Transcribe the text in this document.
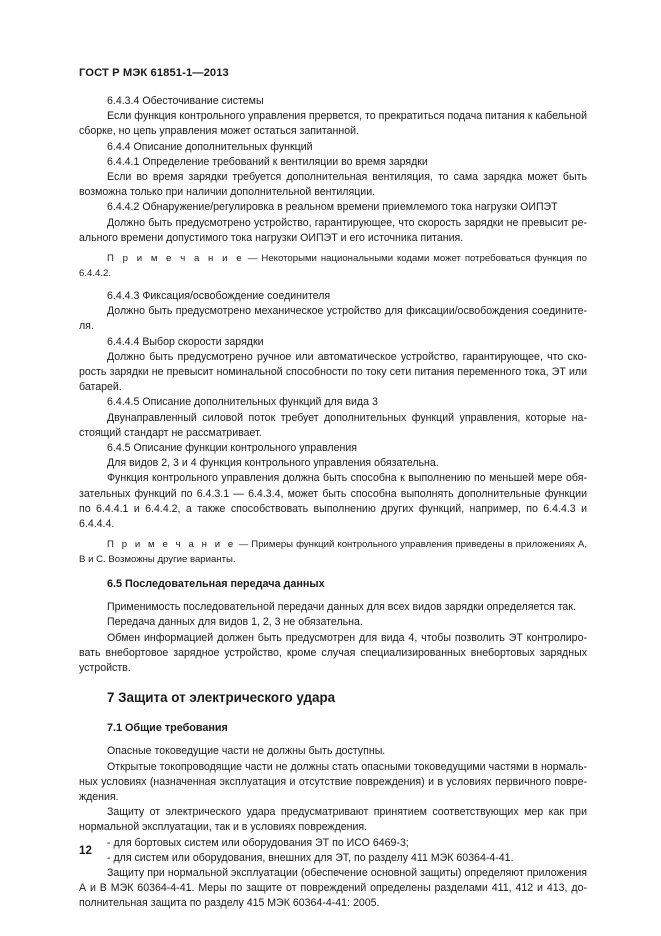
ГОСТ Р МЭК 61851-1—2013

6.4.3.4 Обесточивание системы

Если функция контрольного управления прервется, то прекратиться подача питания к кабельной сборке, но цепь управления может остаться запитанной.

6.4.4 Описание дополнительных функций

6.4.4.1 Определение требований к вентиляции во время зарядки

Если во время зарядки требуется дополнительная вентиляция, то сама зарядка может быть возможна только при наличии дополнительной вентиляции.

6.4.4.2 Обнаружение/регулировка в реальном времени приемлемого тока нагрузки ОИПЭТ

Должно быть предусмотрено устройство, гарантирующее, что скорость зарядки не превысит реального времени допустимого тока нагрузки ОИПЭТ и его источника питания.

П р и м е ч а н и е — Некоторыми национальными кодами может потребоваться функция по 6.4.4.2.

6.4.4.3 Фиксация/освобождение соединителя

Должно быть предусмотрено механическое устройство для фиксации/освобождения соединителя.

6.4.4.4 Выбор скорости зарядки

Должно быть предусмотрено ручное или автоматическое устройство, гарантирующее, что скорость зарядки не превысит номинальной способности по току сети питания переменного тока, ЭТ или батарей.

6.4.4.5 Описание дополнительных функций для вида 3

Двунаправленный силовой поток требует дополнительных функций управления, которые настоящий стандарт не рассматривает.

6.4.5 Описание функции контрольного управления

Для видов 2, 3 и 4 функция контрольного управления обязательна.

Функция контрольного управления должна быть способна к выполнению по меньшей мере обязательных функций по 6.4.3.1 — 6.4.3.4, может быть способна выполнять дополнительные функции по 6.4.4.1 и 6.4.4.2, а также способствовать выполнению других функций, например, по 6.4.4.3 и 6.4.4.4.

П р и м е ч а н и е — Примеры функций контрольного управления приведены в приложениях А, В и С. Возможны другие варианты.

6.5 Последовательная передача данных

Применимость последовательной передачи данных для всех видов зарядки определяется так.

Передача данных для видов 1, 2, 3 не обязательна.

Обмен информацией должен быть предусмотрен для вида 4, чтобы позволить ЭТ контролировать внебортовое зарядное устройство, кроме случая специализированных внебортовых зарядных устройств.

7 Защита от электрического удара
7.1 Общие требования

Опасные токоведущие части не должны быть доступны.

Открытые токопроводящие части не должны стать опасными токоведущими частями в нормальных условиях (назначенная эксплуатация и отсутствие повреждения) и в условиях первичного повреждения.

Защиту от электрического удара предусматривают принятием соответствующих мер как при нормальной эксплуатации, так и в условиях повреждения.

- для бортовых систем или оборудования ЭТ по ИСО 6469-3;

- для систем или оборудования, внешних для ЭТ, по разделу 411 МЭК 60364-4-41.

Защиту при нормальной эксплуатации (обеспечение основной защиты) определяют приложения А и В МЭК 60364-4-41. Меры по защите от повреждений определены разделами 411, 412 и 413, дополнительная защита по разделу 415 МЭК 60364-4-41: 2005.

12
